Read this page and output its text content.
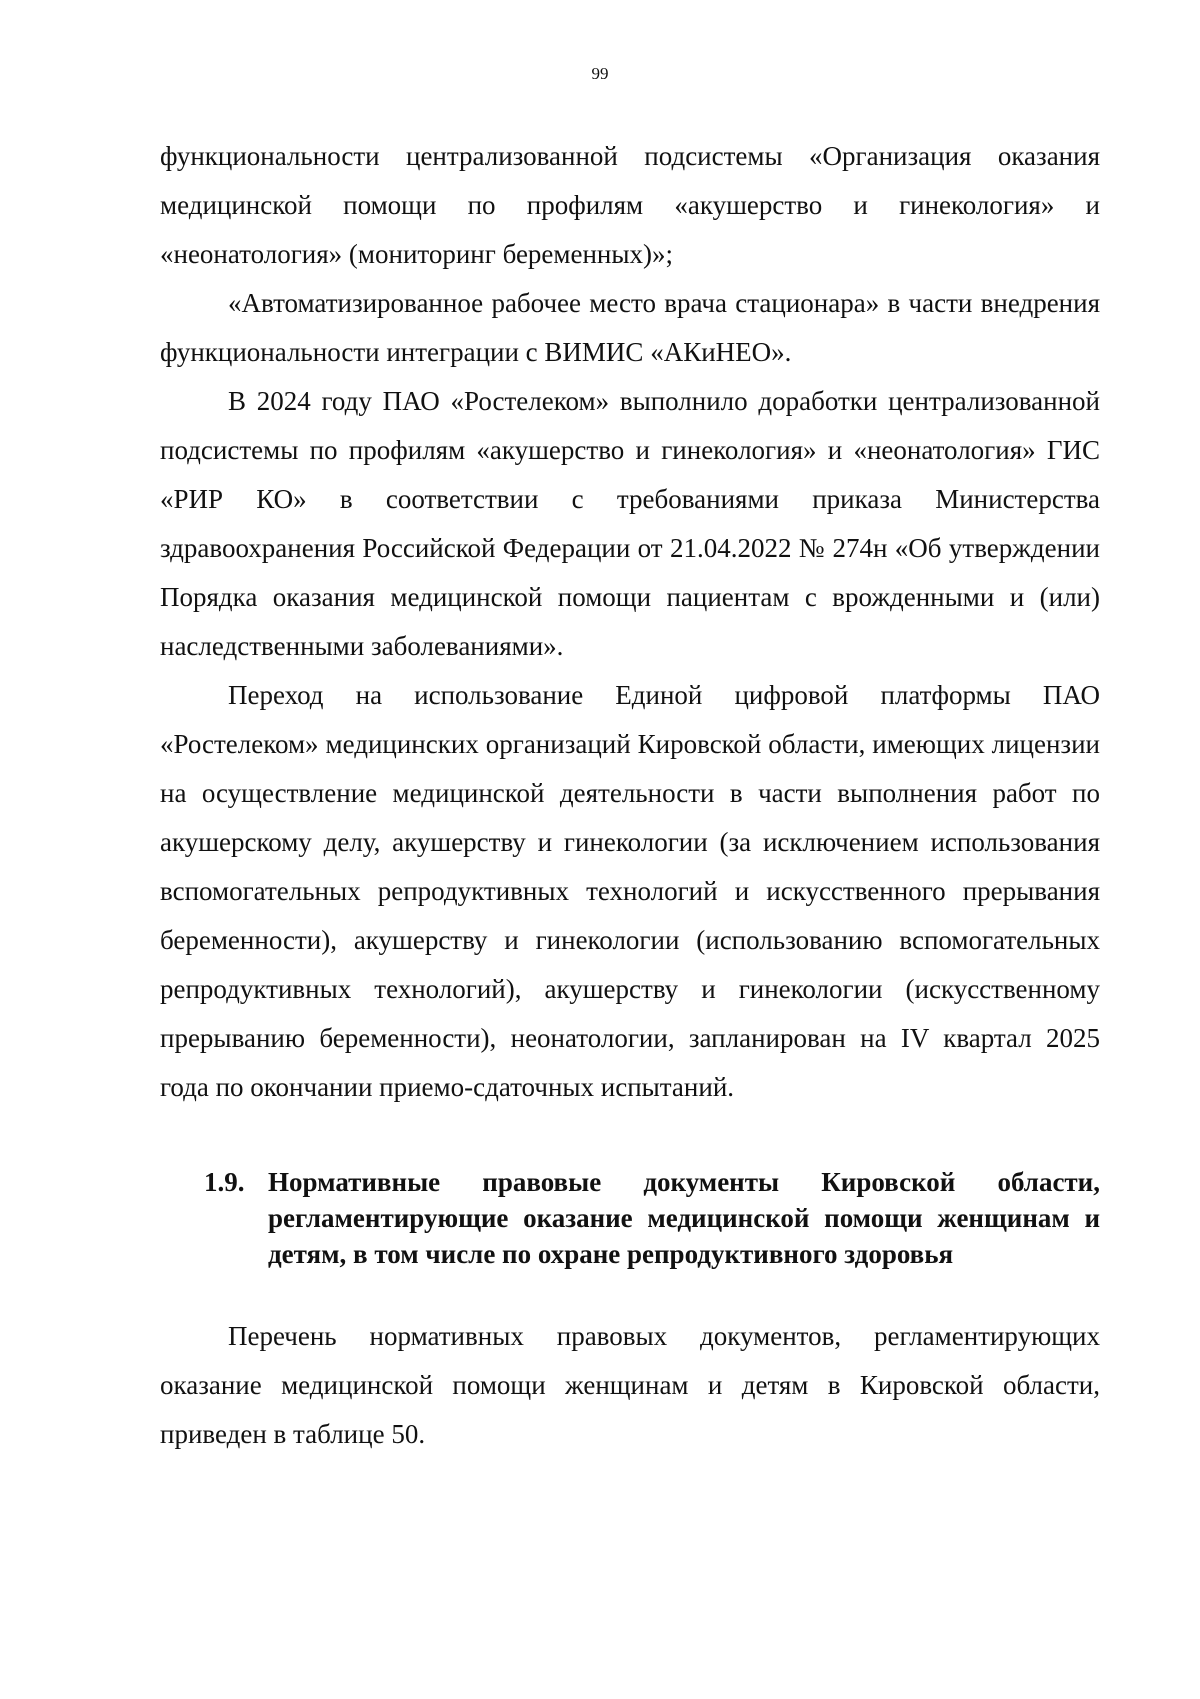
99

функциональности централизованной подсистемы «Организация оказания медицинской помощи по профилям «акушерство и гинекология» и «неонатология» (мониторинг беременных)»;

«Автоматизированное рабочее место врача стационара» в части внедрения функциональности интеграции с ВИМИС «АКиНЕО».

В 2024 году ПАО «Ростелеком» выполнило доработки централизованной подсистемы по профилям «акушерство и гинекология» и «неонатология» ГИС «РИР КО» в соответствии с требованиями приказа Министерства здравоохранения Российской Федерации от 21.04.2022 № 274н «Об утверждении Порядка оказания медицинской помощи пациентам с врожденными и (или) наследственными заболеваниями».

Переход на использование Единой цифровой платформы ПАО «Ростелеком» медицинских организаций Кировской области, имеющих лицензии на осуществление медицинской деятельности в части выполнения работ по акушерскому делу, акушерству и гинекологии (за исключением использования вспомогательных репродуктивных технологий и искусственного прерывания беременности), акушерству и гинекологии (использованию вспомогательных репродуктивных технологий), акушерству и гинекологии (искусственному прерыванию беременности), неонатологии, запланирован на IV квартал 2025 года по окончании приемо-сдаточных испытаний.

1.9. Нормативные правовые документы Кировской области, регламентирующие оказание медицинской помощи женщинам и детям, в том числе по охране репродуктивного здоровья

Перечень нормативных правовых документов, регламентирующих оказание медицинской помощи женщинам и детям в Кировской области, приведен в таблице 50.
